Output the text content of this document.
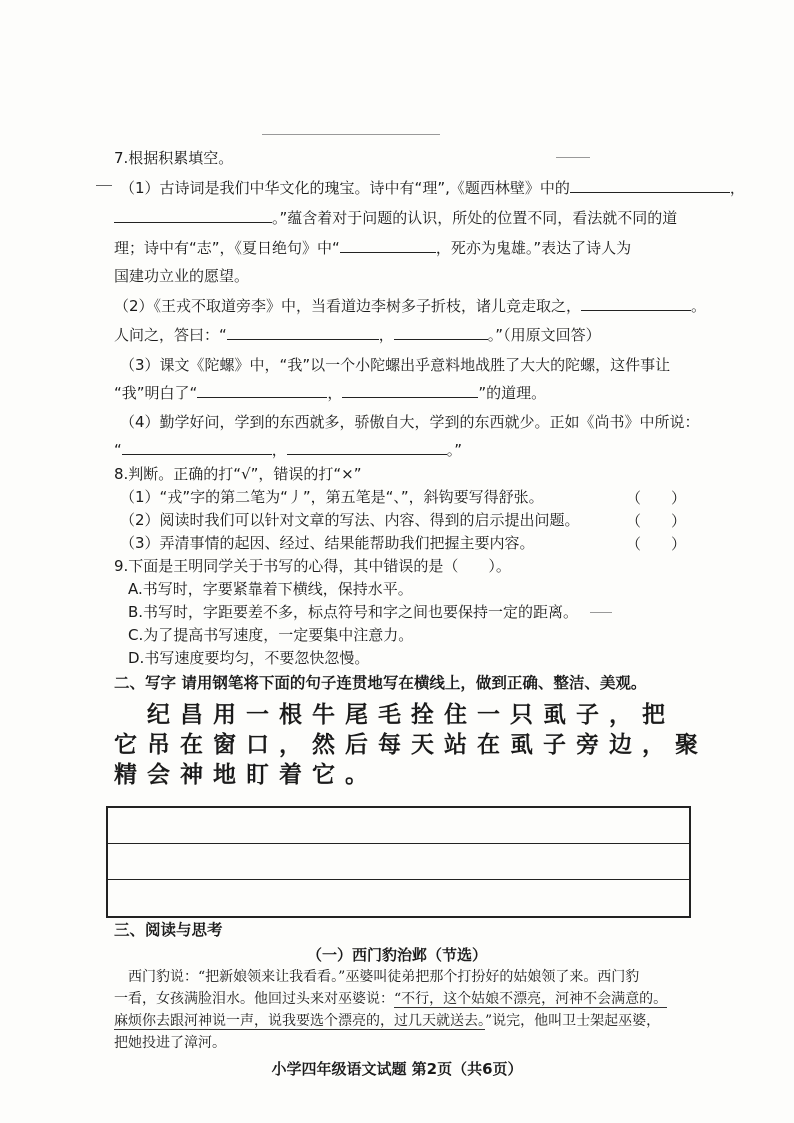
7.根据积累填空。
（1）古诗词是我们中华文化的瑰宝。诗中有“理”,《题西林壁》中的	，
。”蕴含着对于问题的认识，所处的位置不同，看法就不同的道
理；诗中有“志”，《夏日绝句》中“	，死亦为鬼雄。”表达了诗人为
国建功立业的愿望。
（2）《王戎不取道旁李》中，当看道边李树多子折枝，诸儿竞走取之，	。
人问之，答曰：“	，	。”（用原文回答）
（3）课文《陀螺》中，“我”以一个小陀螺出乎意料地战胜了大大的陀螺，这件事让
“我”明白了“	，	”的道理。
（4）勤学好问，学到的东西就多，骄傲自大，学到的东西就少。正如《尚书》中所说：
“	，	。”
8.判断。正确的打“√”，错误的打“×”
（1）“戎”字的第二笔为“丿”，第五笔是“、”，斜钩要写得舒张。	（　　）
（2）阅读时我们可以针对文章的写法、内容、得到的启示提出问题。	（　　）
（3）弄清事情的起因、经过、结果能帮助我们把握主要内容。	（　　）
9.下面是王明同学关于书写的心得，其中错误的是（　　）。
A.书写时，字要紧靠着下横线，保持水平。
B.书写时，字距要差不多，标点符号和字之间也要保持一定的距离。
C.为了提高书写速度，一定要集中注意力。
D.书写速度要均匀，不要忽快忽慢。
二、写字 请用钢笔将下面的句子连贯地写在横线上，做到正确、整洁、美观。
　纪昌用一根牛尾毛拴住一只虱子，把
它吊在窗口，然后每天站在虱子旁边，聚
精会神地盯着它。
三、阅读与思考
（一）西门豹治邺（节选）
西门豹说：“把新娘领来让我看看。”巫婆叫徒弟把那个打扮好的姑娘领了来。西门豹
一看，女孩满脸泪水。他回过头来对巫婆说：“不行，这个姑娘不漂亮，河神不会满意的。
麻烦你去跟河神说一声，说我要选个漂亮的，过几天就送去。”说完，他叫卫士架起巫婆，
把她投进了漳河。
小学四年级语文试题 第2页（共6页）
